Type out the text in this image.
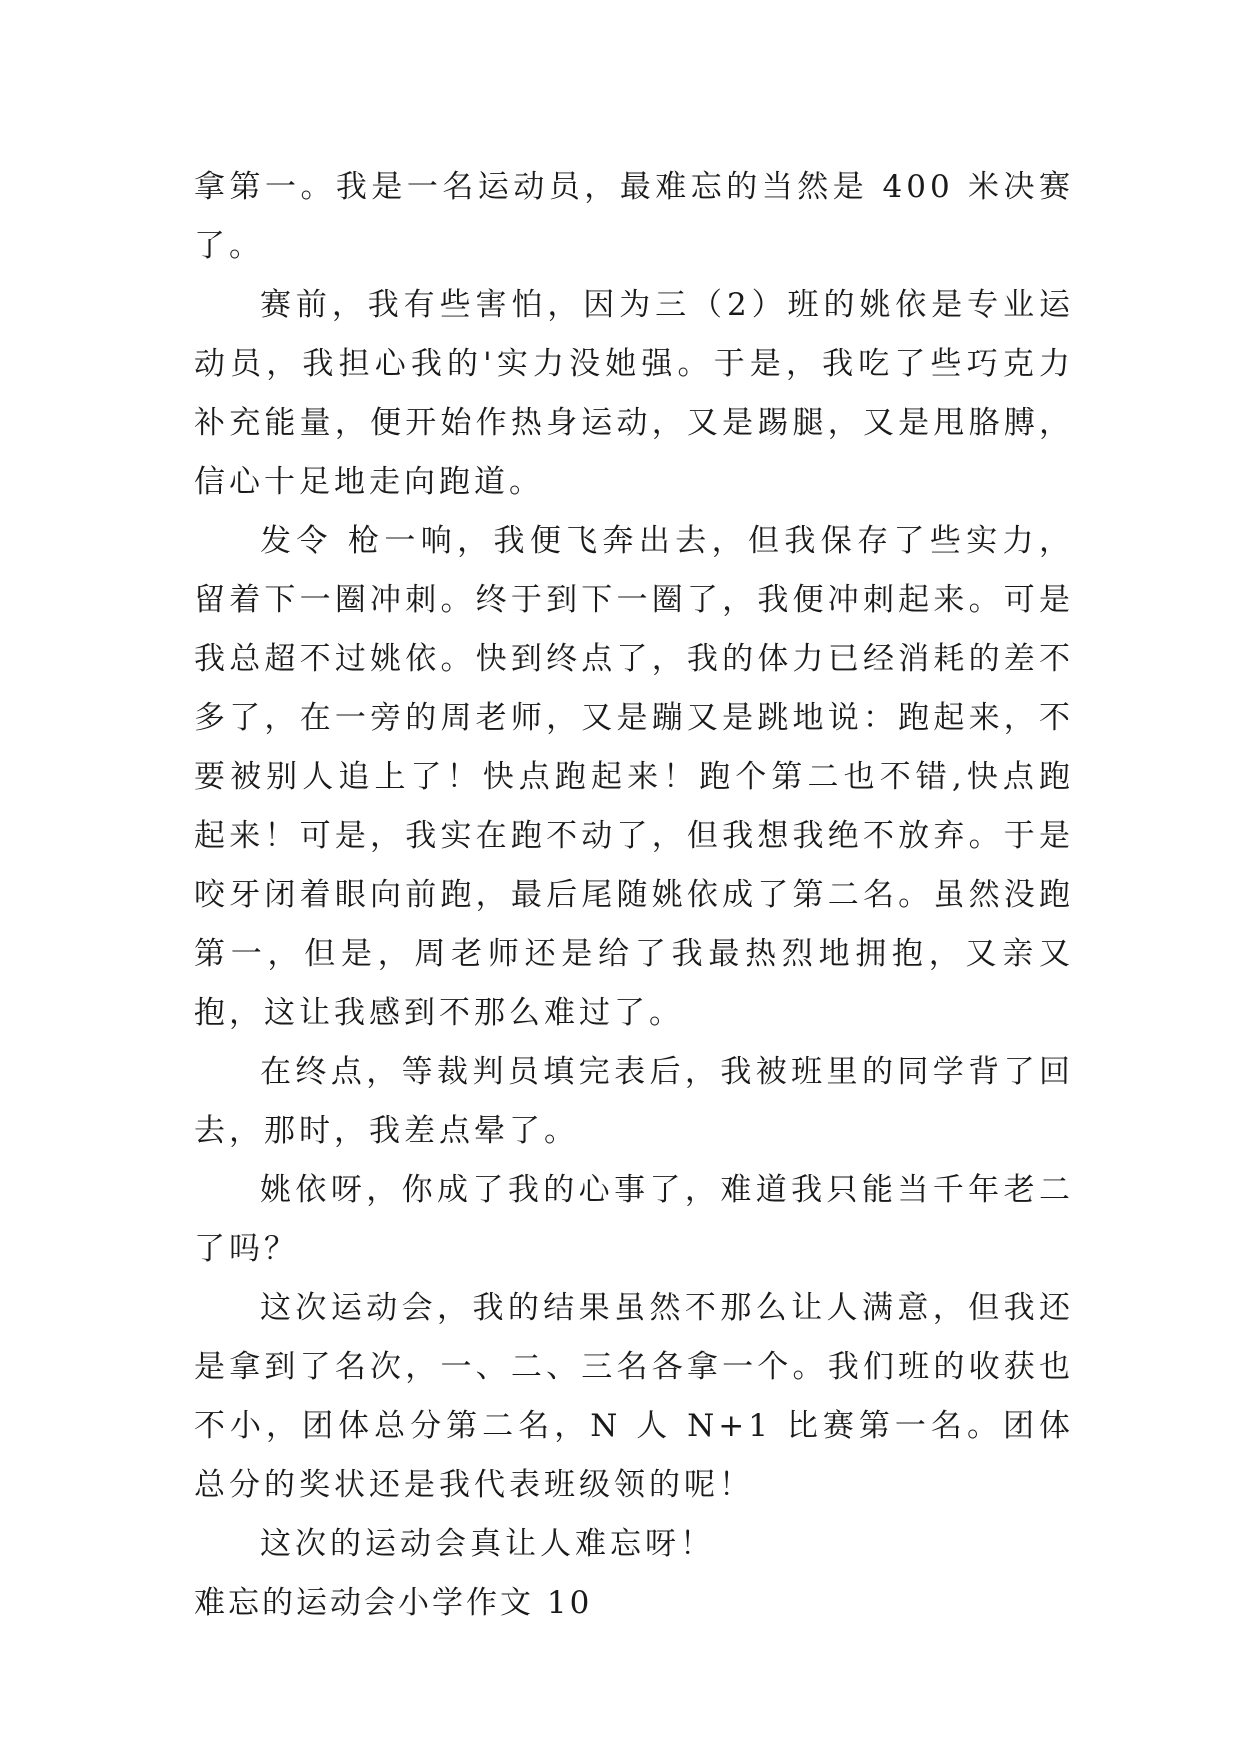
拿第一。我是一名运动员，最难忘的当然是 400 米决赛了。

赛前，我有些害怕，因为三（2）班的姚依是专业运动员，我担心我的'实力没她强。于是，我吃了些巧克力补充能量，便开始作热身运动，又是踢腿，又是甩胳膊，信心十足地走向跑道。

发令 枪一响，我便飞奔出去，但我保存了些实力，留着下一圈冲刺。终于到下一圈了，我便冲刺起来。可是我总超不过姚依。快到终点了，我的体力已经消耗的差不多了，在一旁的周老师，又是蹦又是跳地说：跑起来，不要被别人追上了！快点跑起来！跑个第二也不错,快点跑起来！可是，我实在跑不动了，但我想我绝不放弃。于是咬牙闭着眼向前跑，最后尾随姚依成了第二名。虽然没跑第一，但是，周老师还是给了我最热烈地拥抱，又亲又抱，这让我感到不那么难过了。

在终点，等裁判员填完表后，我被班里的同学背了回去，那时，我差点晕了。

姚依呀，你成了我的心事了，难道我只能当千年老二了吗？

这次运动会，我的结果虽然不那么让人满意，但我还是拿到了名次，一、二、三名各拿一个。我们班的收获也不小，团体总分第二名，N 人 N+1 比赛第一名。团体总分的奖状还是我代表班级领的呢！

这次的运动会真让人难忘呀！

难忘的运动会小学作文 10
